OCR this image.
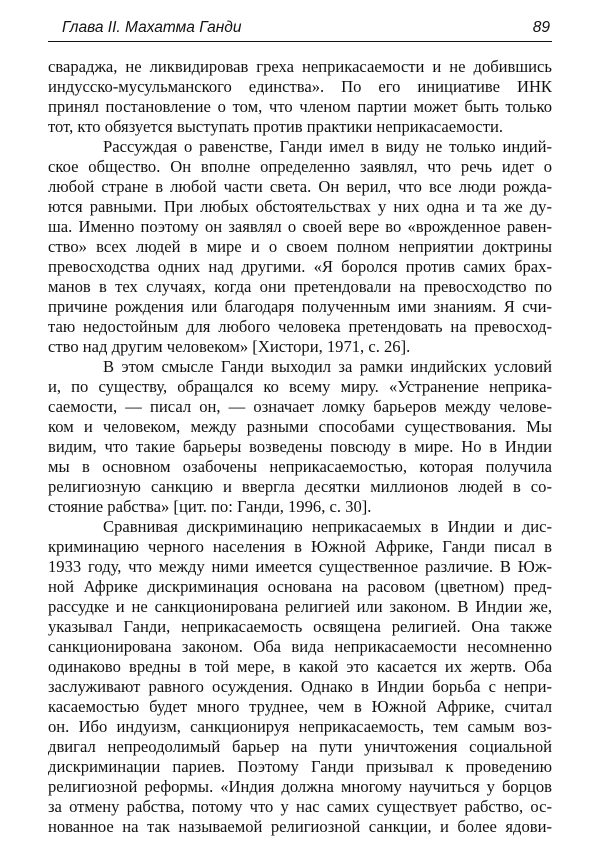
Глава II. Махатма Ганди	89
свараджа, не ликвидировав греха неприкасаемости и не добившись
индусско-мусульманского единства». По его инициативе ИНК
принял постановление о том, что членом партии может быть только
тот, кто обязуется выступать против практики неприкасаемости.
Рассуждая о равенстве, Ганди имел в виду не только индий-
ское общество. Он вполне определенно заявлял, что речь идет о
любой стране в любой части света. Он верил, что все люди рожда-
ются равными. При любых обстоятельствах у них одна и та же ду-
ша. Именно поэтому он заявлял о своей вере во «врожденное равен-
ство» всех людей в мире и о своем полном неприятии доктрины
превосходства одних над другими. «Я боролся против самих брах-
манов в тех случаях, когда они претендовали на превосходство по
причине рождения или благодаря полученным ими знаниям. Я счи-
таю недостойным для любого человека претендовать на превосход-
ство над другим человеком» [Хистори, 1971, с. 26].
В этом смысле Ганди выходил за рамки индийских условий
и, по существу, обращался ко всему миру. «Устранение неприка-
саемости, — писал он, — означает ломку барьеров между челове-
ком и человеком, между разными способами существования. Мы
видим, что такие барьеры возведены повсюду в мире. Но в Индии
мы в основном озабочены неприкасаемостью, которая получила
религиозную санкцию и ввергла десятки миллионов людей в со-
стояние рабства» [цит. по: Ганди, 1996, с. 30].
Сравнивая дискриминацию неприкасаемых в Индии и дис-
криминацию черного населения в Южной Африке, Ганди писал в
1933 году, что между ними имеется существенное различие. В Юж-
ной Африке дискриминация основана на расовом (цветном) пред-
рассудке и не санкционирована религией или законом. В Индии же,
указывал Ганди, неприкасаемость освящена религией. Она также
санкционирована законом. Оба вида неприкасаемости несомненно
одинаково вредны в той мере, в какой это касается их жертв. Оба
заслуживают равного осуждения. Однако в Индии борьба с непри-
касаемостью будет много труднее, чем в Южной Африке, считал
он. Ибо индуизм, санкционируя неприкасаемость, тем самым воз-
двигал непреодолимый барьер на пути уничтожения социальной
дискриминации париев. Поэтому Ганди призывал к проведению
религиозной реформы. «Индия должна многому научиться у борцов
за отмену рабства, потому что у нас самих существует рабство, ос-
нованное на так называемой религиозной санкции, и более ядови-
